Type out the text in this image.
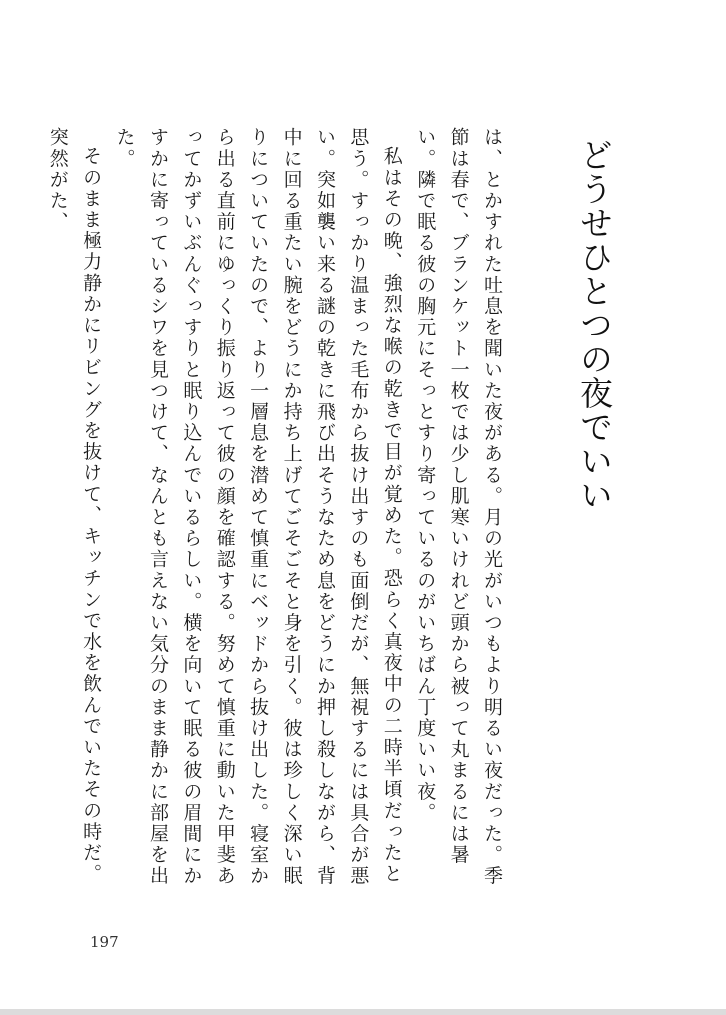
どうせひとつの夜でいい

は、とかすれた吐息を聞いた夜がある。月の光がいつもより明るい夜だった。季節は春で、ブランケット一枚では少し肌寒いけれど頭から被って丸まるには暑い。隣で眠る彼の胸元にそっとすり寄っているのがいちばん丁度いい夜。

私はその晩、強烈な喉の乾きで目が覚めた。恐らく真夜中の二時半頃だったと思う。すっかり温まった毛布から抜け出すのも面倒だが、無視するには具合が悪い。突如襲い来る謎の乾きに飛び出そうなため息をどうにか押し殺しながら、背中に回る重たい腕をどうにか持ち上げてごそごそと身を引く。彼は珍しく深い眠りについていたので、より一層息を潜めて慎重にベッドから抜け出した。寝室から出る直前にゆっくり振り返って彼の顔を確認する。努めて慎重に動いた甲斐あってかずいぶんぐっすりと眠り込んでいるらしい。横を向いて眠る彼の眉間にかすかに寄っているシワを見つけて、なんとも言えない気分のまま静かに部屋を出た。

そのまま極力静かにリビングを抜けて、キッチンで水を飲んでいたその時だ。突然がた、

197
